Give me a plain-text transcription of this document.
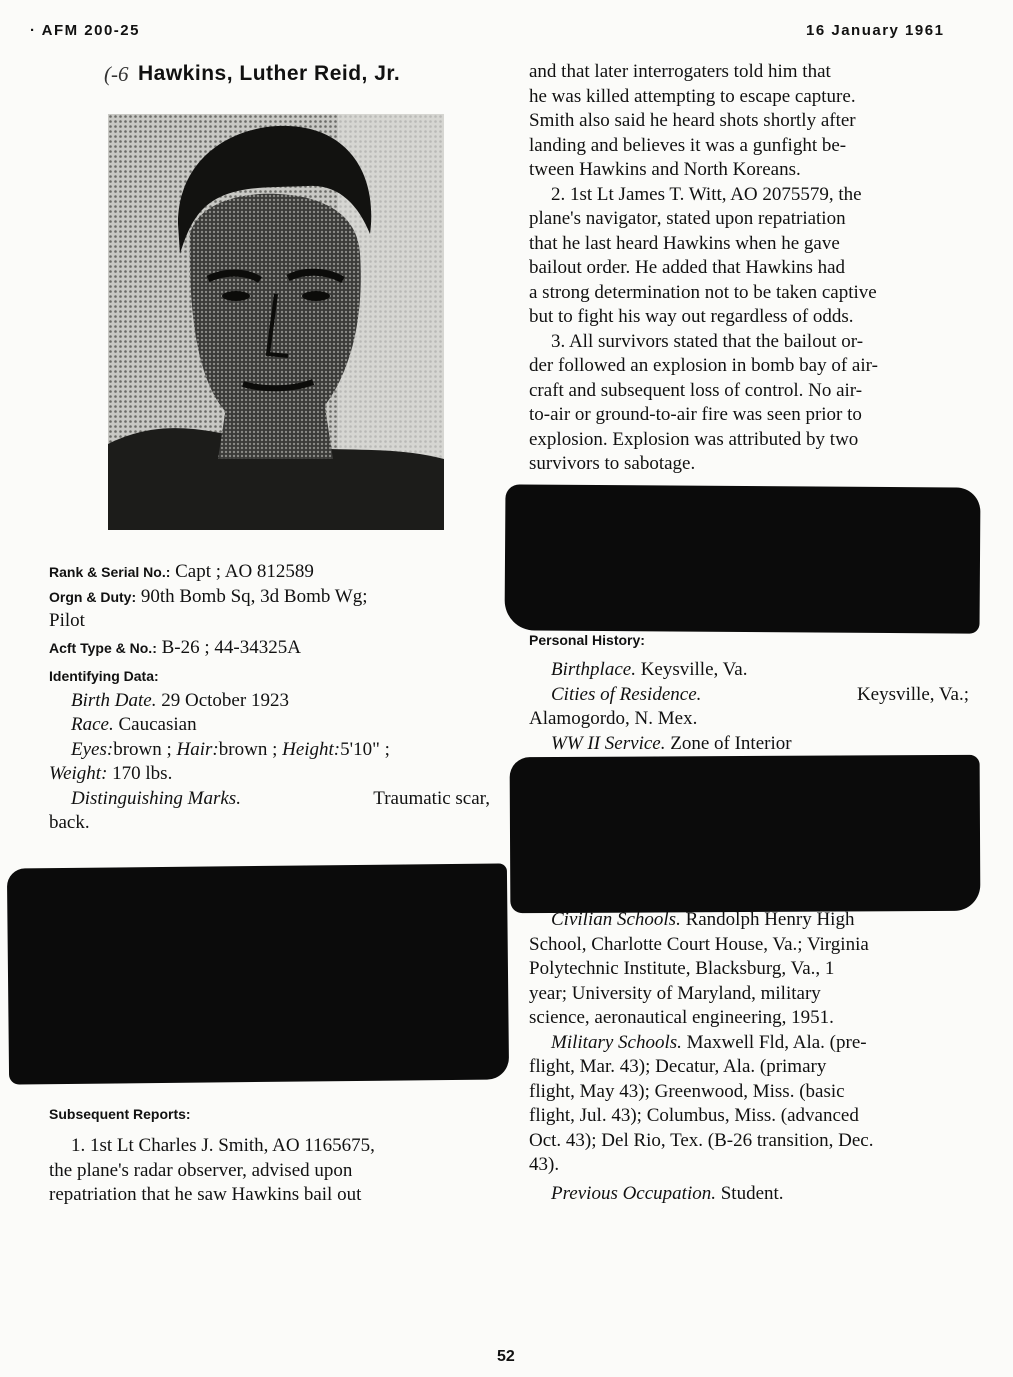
· AFM 200-25	16 January 1961
(-6 Hawkins, Luther Reid, Jr.
Rank & Serial No.: Capt ; AO 812589
Orgn & Duty: 90th Bomb Sq, 3d Bomb Wg;
Pilot
Acft Type & No.: B-26 ; 44-34325A
Identifying Data:
Birth Date. 29 October 1923
Race. Caucasian
Eyes:brown ; Hair:brown ; Height:5'10" ;
Weight: 170 lbs.
Distinguishing Marks.	Traumatic scar,
back.
Subsequent Reports:
1. 1st Lt Charles J. Smith, AO 1165675,
the plane's radar observer, advised upon
repatriation that he saw Hawkins bail out
and that later interrogaters told him that
he was killed attempting to escape capture.
Smith also said he heard shots shortly after
landing and believes it was a gunfight be-
tween Hawkins and North Koreans.
2. 1st Lt James T. Witt, AO 2075579, the
plane's navigator, stated upon repatriation
that he last heard Hawkins when he gave
bailout order. He added that Hawkins had
a strong determination not to be taken captive
but to fight his way out regardless of odds.
3. All survivors stated that the bailout or-
der followed an explosion in bomb bay of air-
craft and subsequent loss of control. No air-
to-air or ground-to-air fire was seen prior to
explosion. Explosion was attributed by two
survivors to sabotage.
Personal History:
Birthplace. Keysville, Va.
Cities of Residence.	Keysville, Va.;
Alamogordo, N. Mex.
WW II Service. Zone of Interior
Civilian Schools. Randolph Henry High
School, Charlotte Court House, Va.; Virginia
Polytechnic Institute, Blacksburg, Va., 1
year; University of Maryland, military
science, aeronautical engineering, 1951.
Military Schools. Maxwell Fld, Ala. (pre-
flight, Mar. 43); Decatur, Ala. (primary
flight, May 43); Greenwood, Miss. (basic
flight, Jul. 43); Columbus, Miss. (advanced
Oct. 43); Del Rio, Tex. (B-26 transition, Dec.
43).
Previous Occupation. Student.
52
